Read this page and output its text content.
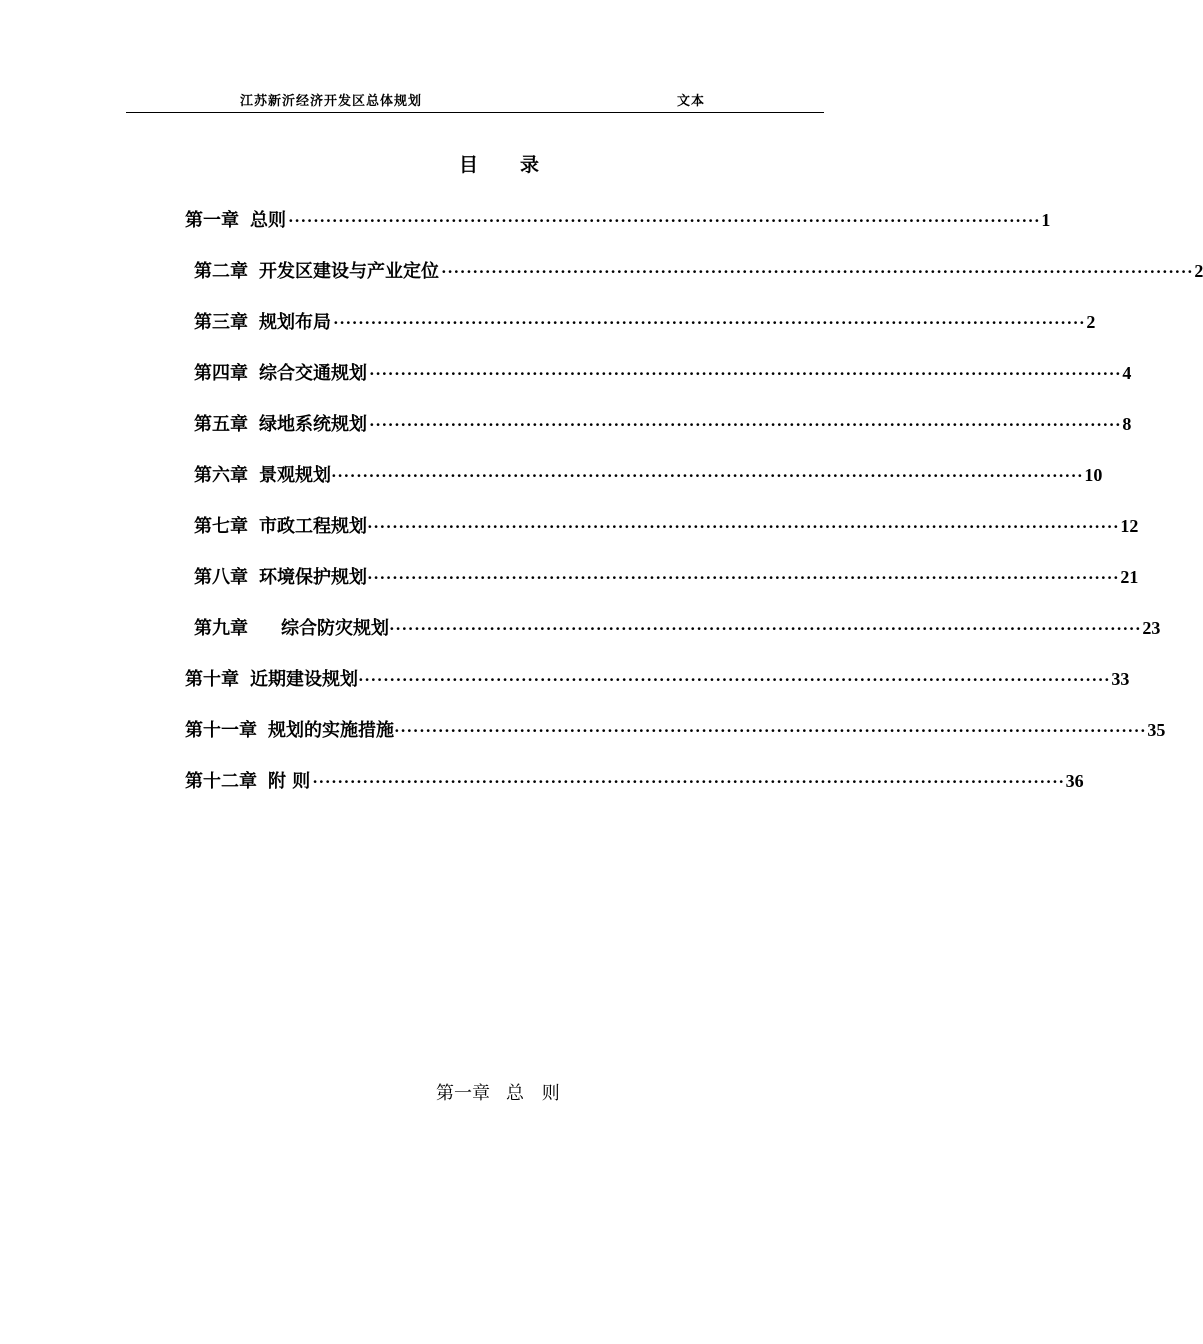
江苏新沂经济开发区总体规划	文本
目 录
第一章 总则 ························································································································ 1
第二章 开发区建设与产业定位 ························································································································ 2
第三章 规划布局 ························································································································ 2
第四章 综合交通规划 ························································································································ 4
第五章 绿地系统规划 ························································································································ 8
第六章 景观规划 ························································································································ 10
第七章 市政工程规划 ························································································································ 12
第八章 环境保护规划 ························································································································ 21
第九章 综合防灾规划 ························································································································ 23
第十章 近期建设规划 ························································································································ 33
第十一章 规划的实施措施 ························································································································ 35
第十二章 附 则 ························································································································ 36
第一章 总 则
